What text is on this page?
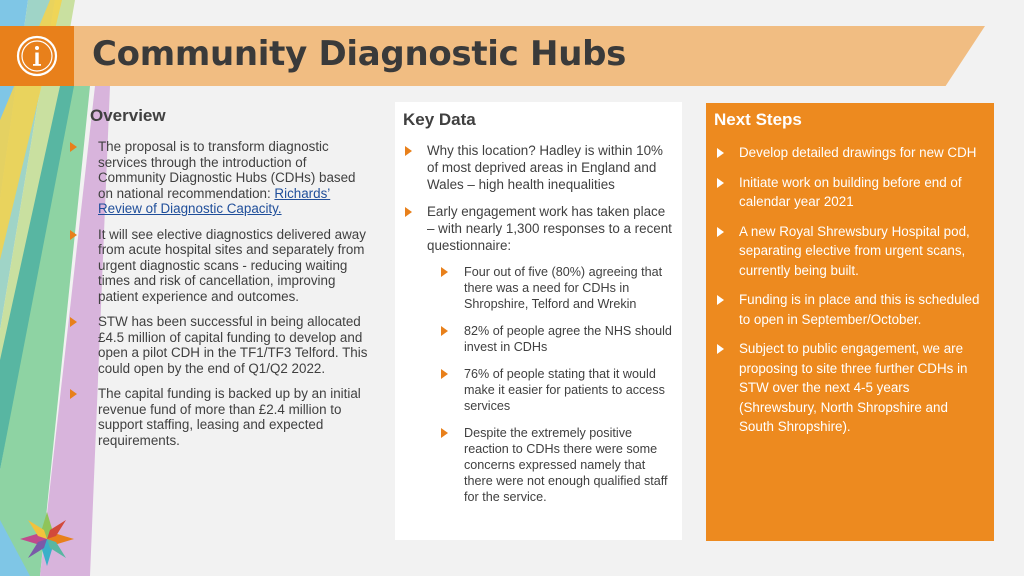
Community Diagnostic Hubs
Overview
The proposal is to transform diagnostic services through the introduction of Community Diagnostic Hubs (CDHs) based on national recommendation: Richards’ Review of Diagnostic Capacity.
It will see elective diagnostics delivered away from acute hospital sites and separately from urgent diagnostic scans - reducing waiting times and risk of cancellation, improving patient experience and outcomes.
STW has been successful in being allocated £4.5 million of capital funding to develop and open a pilot CDH in the TF1/TF3 Telford. This could open by the end of Q1/Q2 2022.
The capital funding is backed up by an initial revenue fund of more than £2.4 million to support staffing, leasing and expected requirements.
Key Data
Why this location? Hadley is within 10% of most deprived areas in England and Wales – high health inequalities
Early engagement work has taken place – with nearly 1,300 responses to a recent questionnaire:
Four out of five (80%) agreeing that there was a need for CDHs in Shropshire, Telford and Wrekin
82% of people agree the NHS should invest in CDHs
76% of people stating that it would make it easier for patients to access services
Despite the extremely positive reaction to CDHs there were some concerns expressed namely that there were not enough qualified staff for the service.
Next Steps
Develop detailed drawings for new CDH
Initiate work on building before end of calendar year 2021
A new Royal Shrewsbury Hospital pod, separating elective from urgent scans, currently being built.
Funding is in place and this is scheduled to open in September/October.
Subject to public engagement, we are proposing to site three further CDHs in STW over the next 4-5 years (Shrewsbury, North Shropshire and South Shropshire).
